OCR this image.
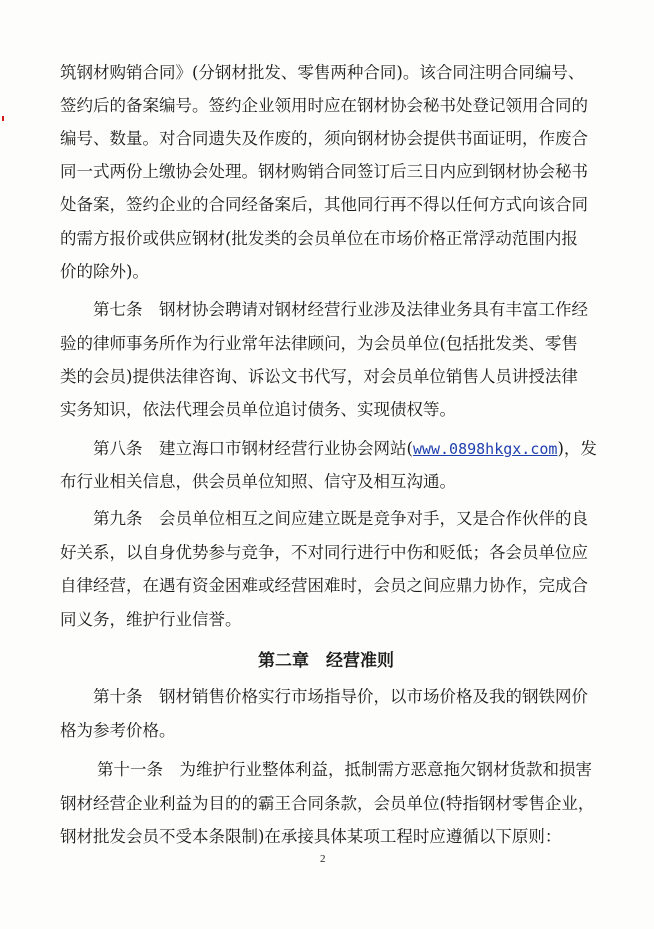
筑钢材购销合同》(分钢材批发、零售两种合同)。该合同注明合同编号、
签约后的备案编号。签约企业领用时应在钢材协会秘书处登记领用合同的
编号、数量。对合同遗失及作废的，须向钢材协会提供书面证明，作废合
同一式两份上缴协会处理。钢材购销合同签订后三日内应到钢材协会秘书
处备案，签约企业的合同经备案后，其他同行再不得以任何方式向该合同
的需方报价或供应钢材(批发类的会员单位在市场价格正常浮动范围内报
价的除外)。
第七条　钢材协会聘请对钢材经营行业涉及法律业务具有丰富工作经
验的律师事务所作为行业常年法律顾问，为会员单位(包括批发类、零售
类的会员)提供法律咨询、诉讼文书代写，对会员单位销售人员讲授法律
实务知识，依法代理会员单位追讨债务、实现债权等。
第八条　建立海口市钢材经营行业协会网站(www.0898hkgx.com)，发
布行业相关信息，供会员单位知照、信守及相互沟通。
第九条　会员单位相互之间应建立既是竞争对手，又是合作伙伴的良
好关系，以自身优势参与竞争，不对同行进行中伤和贬低；各会员单位应
自律经营，在遇有资金困难或经营困难时，会员之间应鼎力协作，完成合
同义务，维护行业信誉。
第二章　经营准则
第十条　钢材销售价格实行市场指导价，以市场价格及我的钢铁网价
格为参考价格。
第十一条　为维护行业整体利益，抵制需方恶意拖欠钢材货款和损害
钢材经营企业利益为目的的霸王合同条款，会员单位(特指钢材零售企业，
钢材批发会员不受本条限制)在承接具体某项工程时应遵循以下原则：
2
